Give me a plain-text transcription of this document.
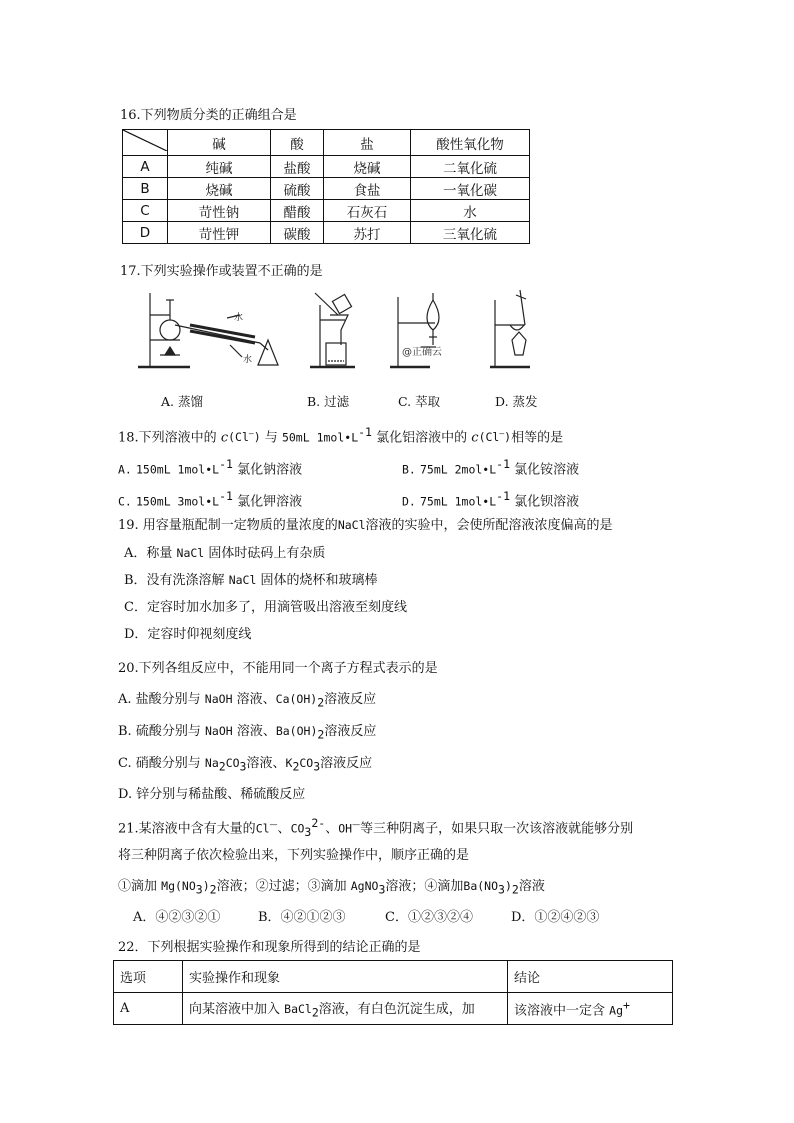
16.下列物质分类的正确组合是
	碱	酸	盐	酸性氧化物
A	纯碱	盐酸	烧碱	二氧化硫
B	烧碱	硫酸	食盐	一氧化碳
C	苛性钠	醋酸	石灰石	水
D	苛性钾	碳酸	苏打	三氧化硫
17.下列实验操作或装置不正确的是
水
水
@正确云
A. 蒸馏	B. 过滤	C. 萃取	D. 蒸发
18.下列溶液中的 c(Cl—) 与 50mL $1mol•L^{-1}$ 氯化铝溶液中的 c(Cl—)相等的是
A. 150mL $1mol•L^{-1}$ 氯化钠溶液	B. 75mL $2mol•L^{-1}$ 氯化铵溶液
C. 150mL $3mol•L^{-1}$ 氯化钾溶液	D. 75mL $1mol•L^{-1}$ 氯化钡溶液
19. 用容量瓶配制一定物质的量浓度的NaCl溶液的实验中，会使所配溶液浓度偏高的是
A．称量 NaCl 固体时砝码上有杂质
B．没有洗涤溶解 NaCl 固体的烧杯和玻璃棒
C．定容时加水加多了，用滴管吸出溶液至刻度线
D．定容时仰视刻度线
20.下列各组反应中，不能用同一个离子方程式表示的是
A. 盐酸分别与 NaOH 溶液、$Ca(OH)_2$溶液反应
B. 硫酸分别与 NaOH 溶液、$Ba(OH)_2$溶液反应
C. 硝酸分别与 $Na_2CO_3$溶液、$K_2CO_3$溶液反应
D. 锌分别与稀盐酸、稀硫酸反应
21.某溶液中含有大量的Cl—、$CO_3^{2-}$、OH—等三种阴离子，如果只取一次该溶液就能够分别
将三种阴离子依次检验出来，下列实验操作中，顺序正确的是
①滴加 $Mg(NO_3)_2$溶液；②过滤；③滴加 AgNO$_3$溶液；④滴加$Ba(NO_3)_2$溶液
A．④②③②①	B．④②①②③	C．①②③②④	D．①②④②③
22．下列根据实验操作和现象所得到的结论正确的是
选项	实验操作和现象	结论
A	向某溶液中加入 BaCl$_2$溶液，有白色沉淀生成，加	该溶液中一定含 Ag+
